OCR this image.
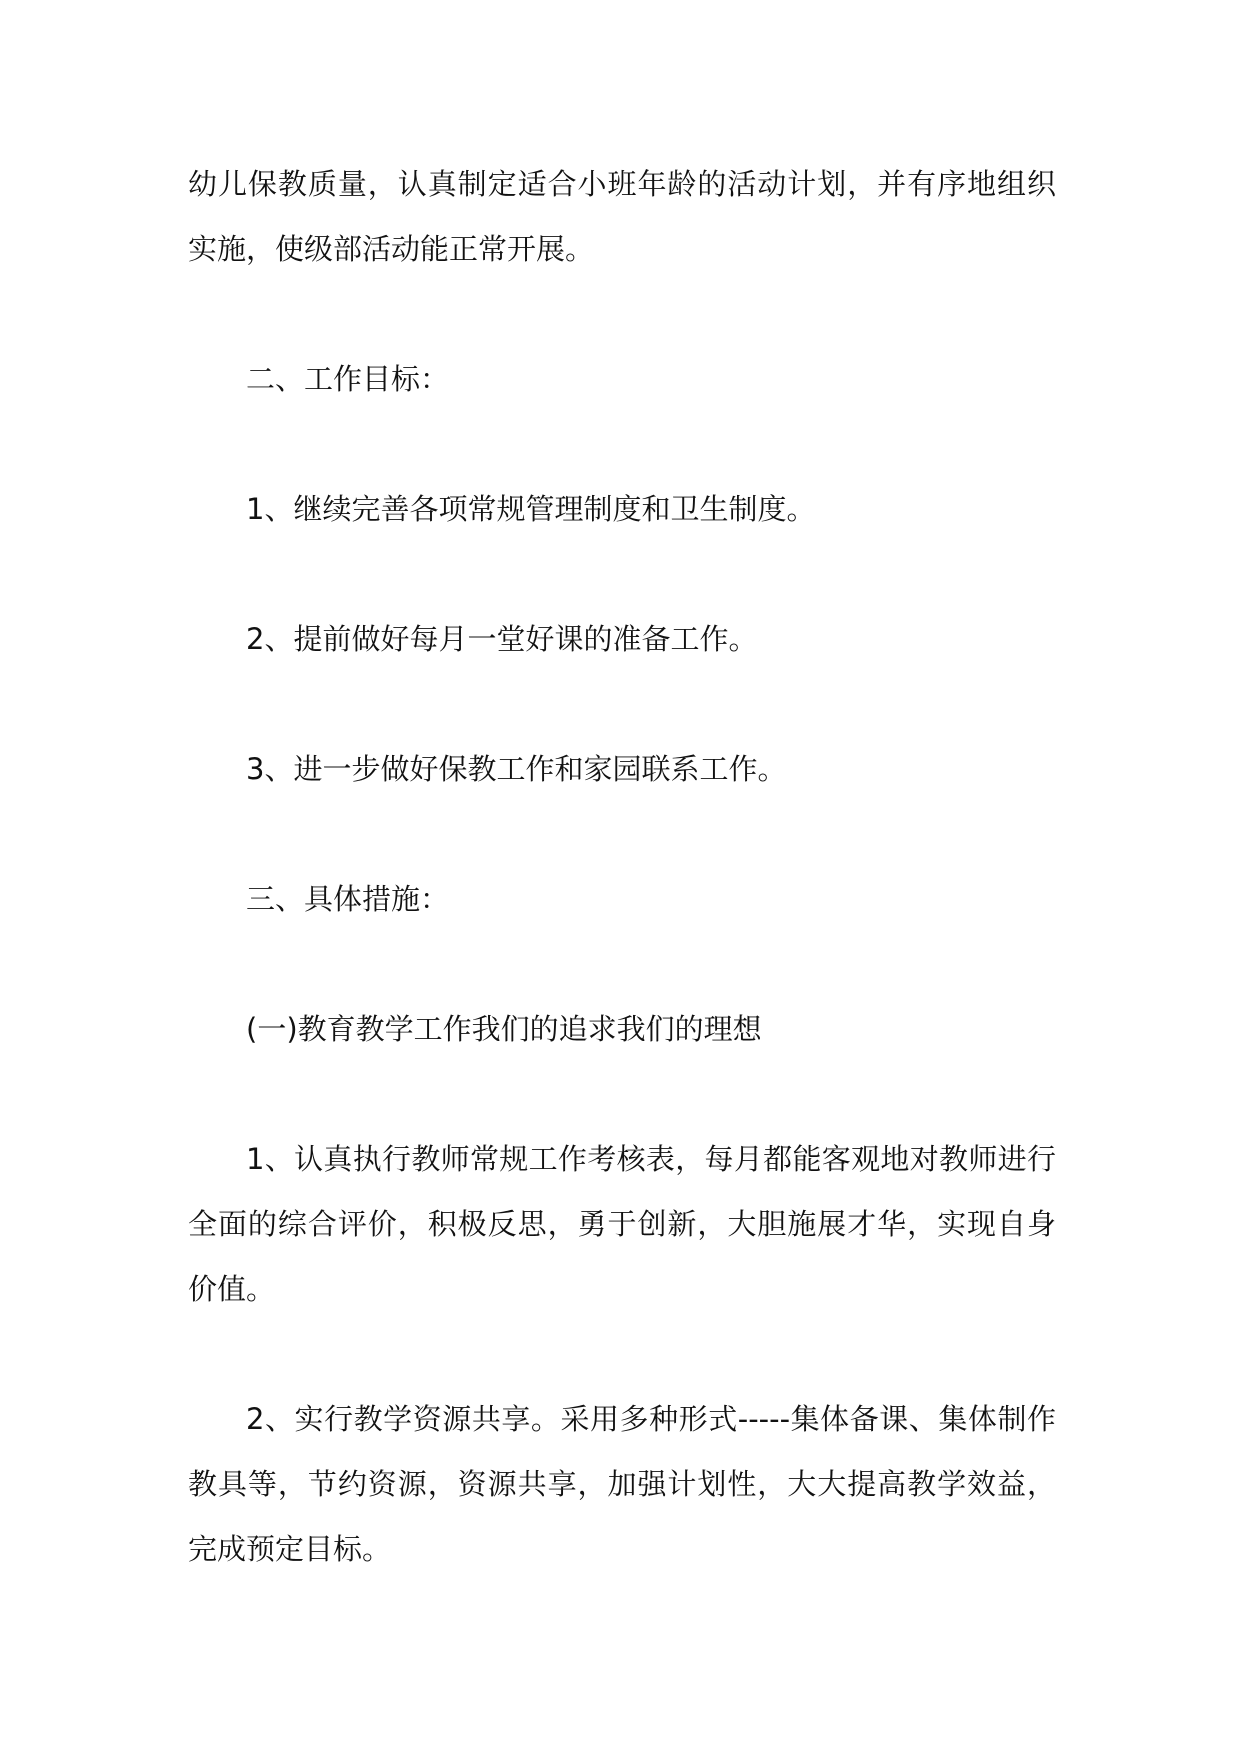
幼儿保教质量，认真制定适合小班年龄的活动计划，并有序地组织实施，使级部活动能正常开展。

二、工作目标：

1、继续完善各项常规管理制度和卫生制度。

2、提前做好每月一堂好课的准备工作。

3、进一步做好保教工作和家园联系工作。

三、具体措施：

(一)教育教学工作我们的追求我们的理想

1、认真执行教师常规工作考核表，每月都能客观地对教师进行全面的综合评价，积极反思，勇于创新，大胆施展才华，实现自身价值。

2、实行教学资源共享。采用多种形式-----集体备课、集体制作教具等，节约资源，资源共享，加强计划性，大大提高教学效益，完成预定目标。
